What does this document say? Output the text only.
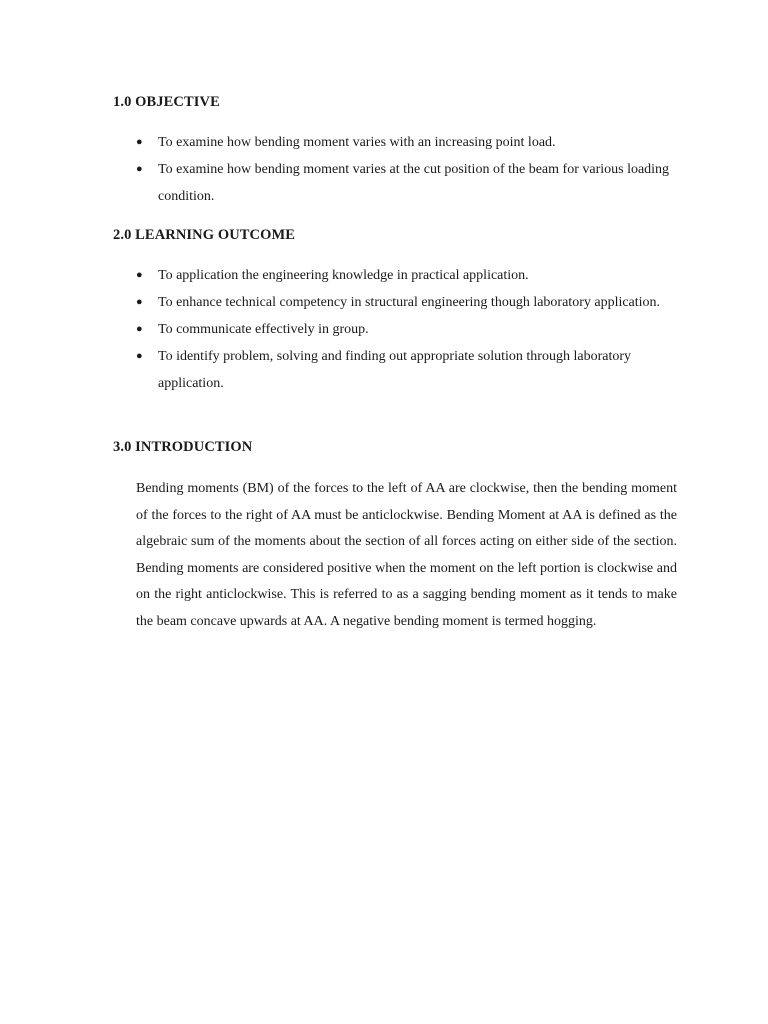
1.0 OBJECTIVE
● To examine how bending moment varies with an increasing point load.
● To examine how bending moment varies at the cut position of the beam for various loading condition.
2.0 LEARNING OUTCOME
● To application the engineering knowledge in practical application.
● To enhance technical competency in structural engineering though laboratory application.
● To communicate effectively in group.
● To identify problem, solving and finding out appropriate solution through laboratory application.
3.0 INTRODUCTION

Bending moments (BM) of the forces to the left of AA are clockwise, then the bending moment of the forces to the right of AA must be anticlockwise. Bending Moment at AA is defined as the algebraic sum of the moments about the section of all forces acting on either side of the section. Bending moments are considered positive when the moment on the left portion is clockwise and on the right anticlockwise. This is referred to as a sagging bending moment as it tends to make the beam concave upwards at AA. A negative bending moment is termed hogging.
